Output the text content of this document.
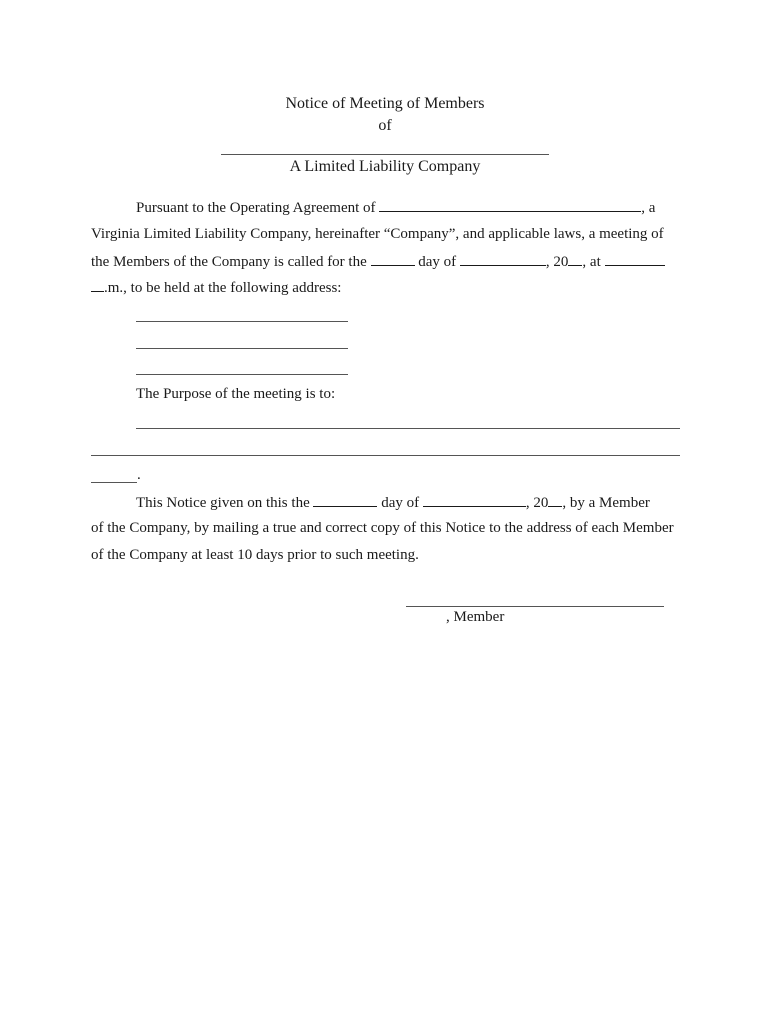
Notice of Meeting of Members
of
A Limited Liability Company
Pursuant to the Operating Agreement of	, a
Virginia Limited Liability Company, hereinafter “Company”, and applicable laws, a meeting of
the Members of the Company is called for the	day of	, 20 , at
.m., to be held at the following address:
The Purpose of the meeting is to:
.
This Notice given on this the	day of	, 20 , by a Member
of the Company, by mailing a true and correct copy of this Notice to the address of each Member
of the Company at least 10 days prior to such meeting.
, Member
